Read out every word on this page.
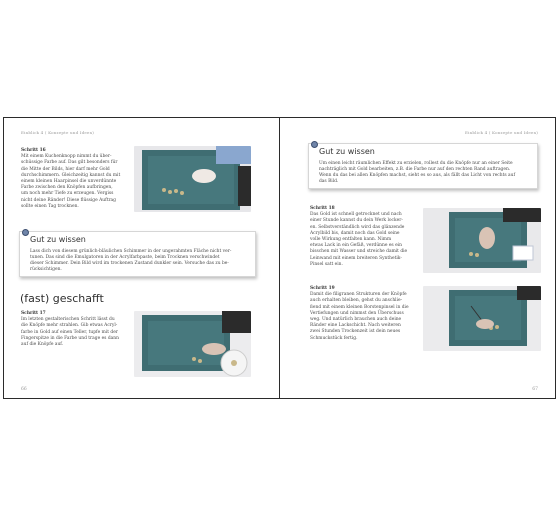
Einblick 4 ( Konzepte und Ideen)
Schritt 16
Mit einem Kuchenknopp nimmt du über-
schüssige Farbe auf. Das gilt besonders für
die Mitte der Bilds, hier darf mehr Gold
durchschimmern. Gleichzeitig kannst du mit
einem kleinen Haarpinsel die unverdünnte
Farbe zwischen den Knöpfen aufbringen,
um noch mehr Tiefe zu erzeugen. Vergiss
nicht deine Ränder! Diese flüssige Auftrag
sollte einen Tag trocknen.
Gut zu wissen
Lass dich von diesem grünlich-bläulichen Schimmer in der ungerahmten Fläche nicht ver-
tunen. Das sind die Emulgatoren in der Acrylfarbpaste, beim Trocknen verschwindet
dieser Schimmer. Dein Bild wird im trockenen Zustand dunkler sein. Versuche das zu be-
rücksichtigen.
(fast) geschafft
Schritt 17
Im letzten gestalterischen Schritt lässt du
die Knöpfe mehr strahlen. Gib etwas Acryl-
farbe in Gold auf einen Teller, tupfe mit der
Fingerspitze in die Farbe und trage es dann
auf die Knöpfe auf.
66
Einblick 4 ( Konzepte und Ideen)
Gut zu wissen
Um einen leicht räumlichen Effekt zu erzielen, rollest du die Knöpfe nur an einer Seite
nachträglich mit Gold bearbeiten, z.B. die Farbe nur auf den rechten Rand auftragen.
Wenn du das bei allen Knöpfen machst, sieht es so aus, als fällt das Licht von rechts auf
das Bild.
Schritt 18
Das Gold ist schnell getrocknet und nach
einer Stunde kannst du dein Werk locker-
en. Selbstverständlich wird das glänzende
Acrylbild bis, damit noch das Gold seine
volle Wirkung entfalten kann. Nimm
etwas Lack in ein Gefäß, verdünne es ein
bisschen mit Wasser und streiche damit die
Leinwand mit einem breiteren Synthetik-
Pinsel satt ein.
Schritt 19
Damit die filigranen Strukturen der Knöpfe
auch erhalten bleiben, gehst du anschlie-
ßend mit einem kleinen Borstenpinsel in die
Vertiefungen und nimmst den Überschuss
weg. Und natürlich brauchen auch deine
Ränder eine Lackschicht. Nach weiteren
zwei Stunden Trockenzeit ist dein neues
Schmuckstück fertig.
67
